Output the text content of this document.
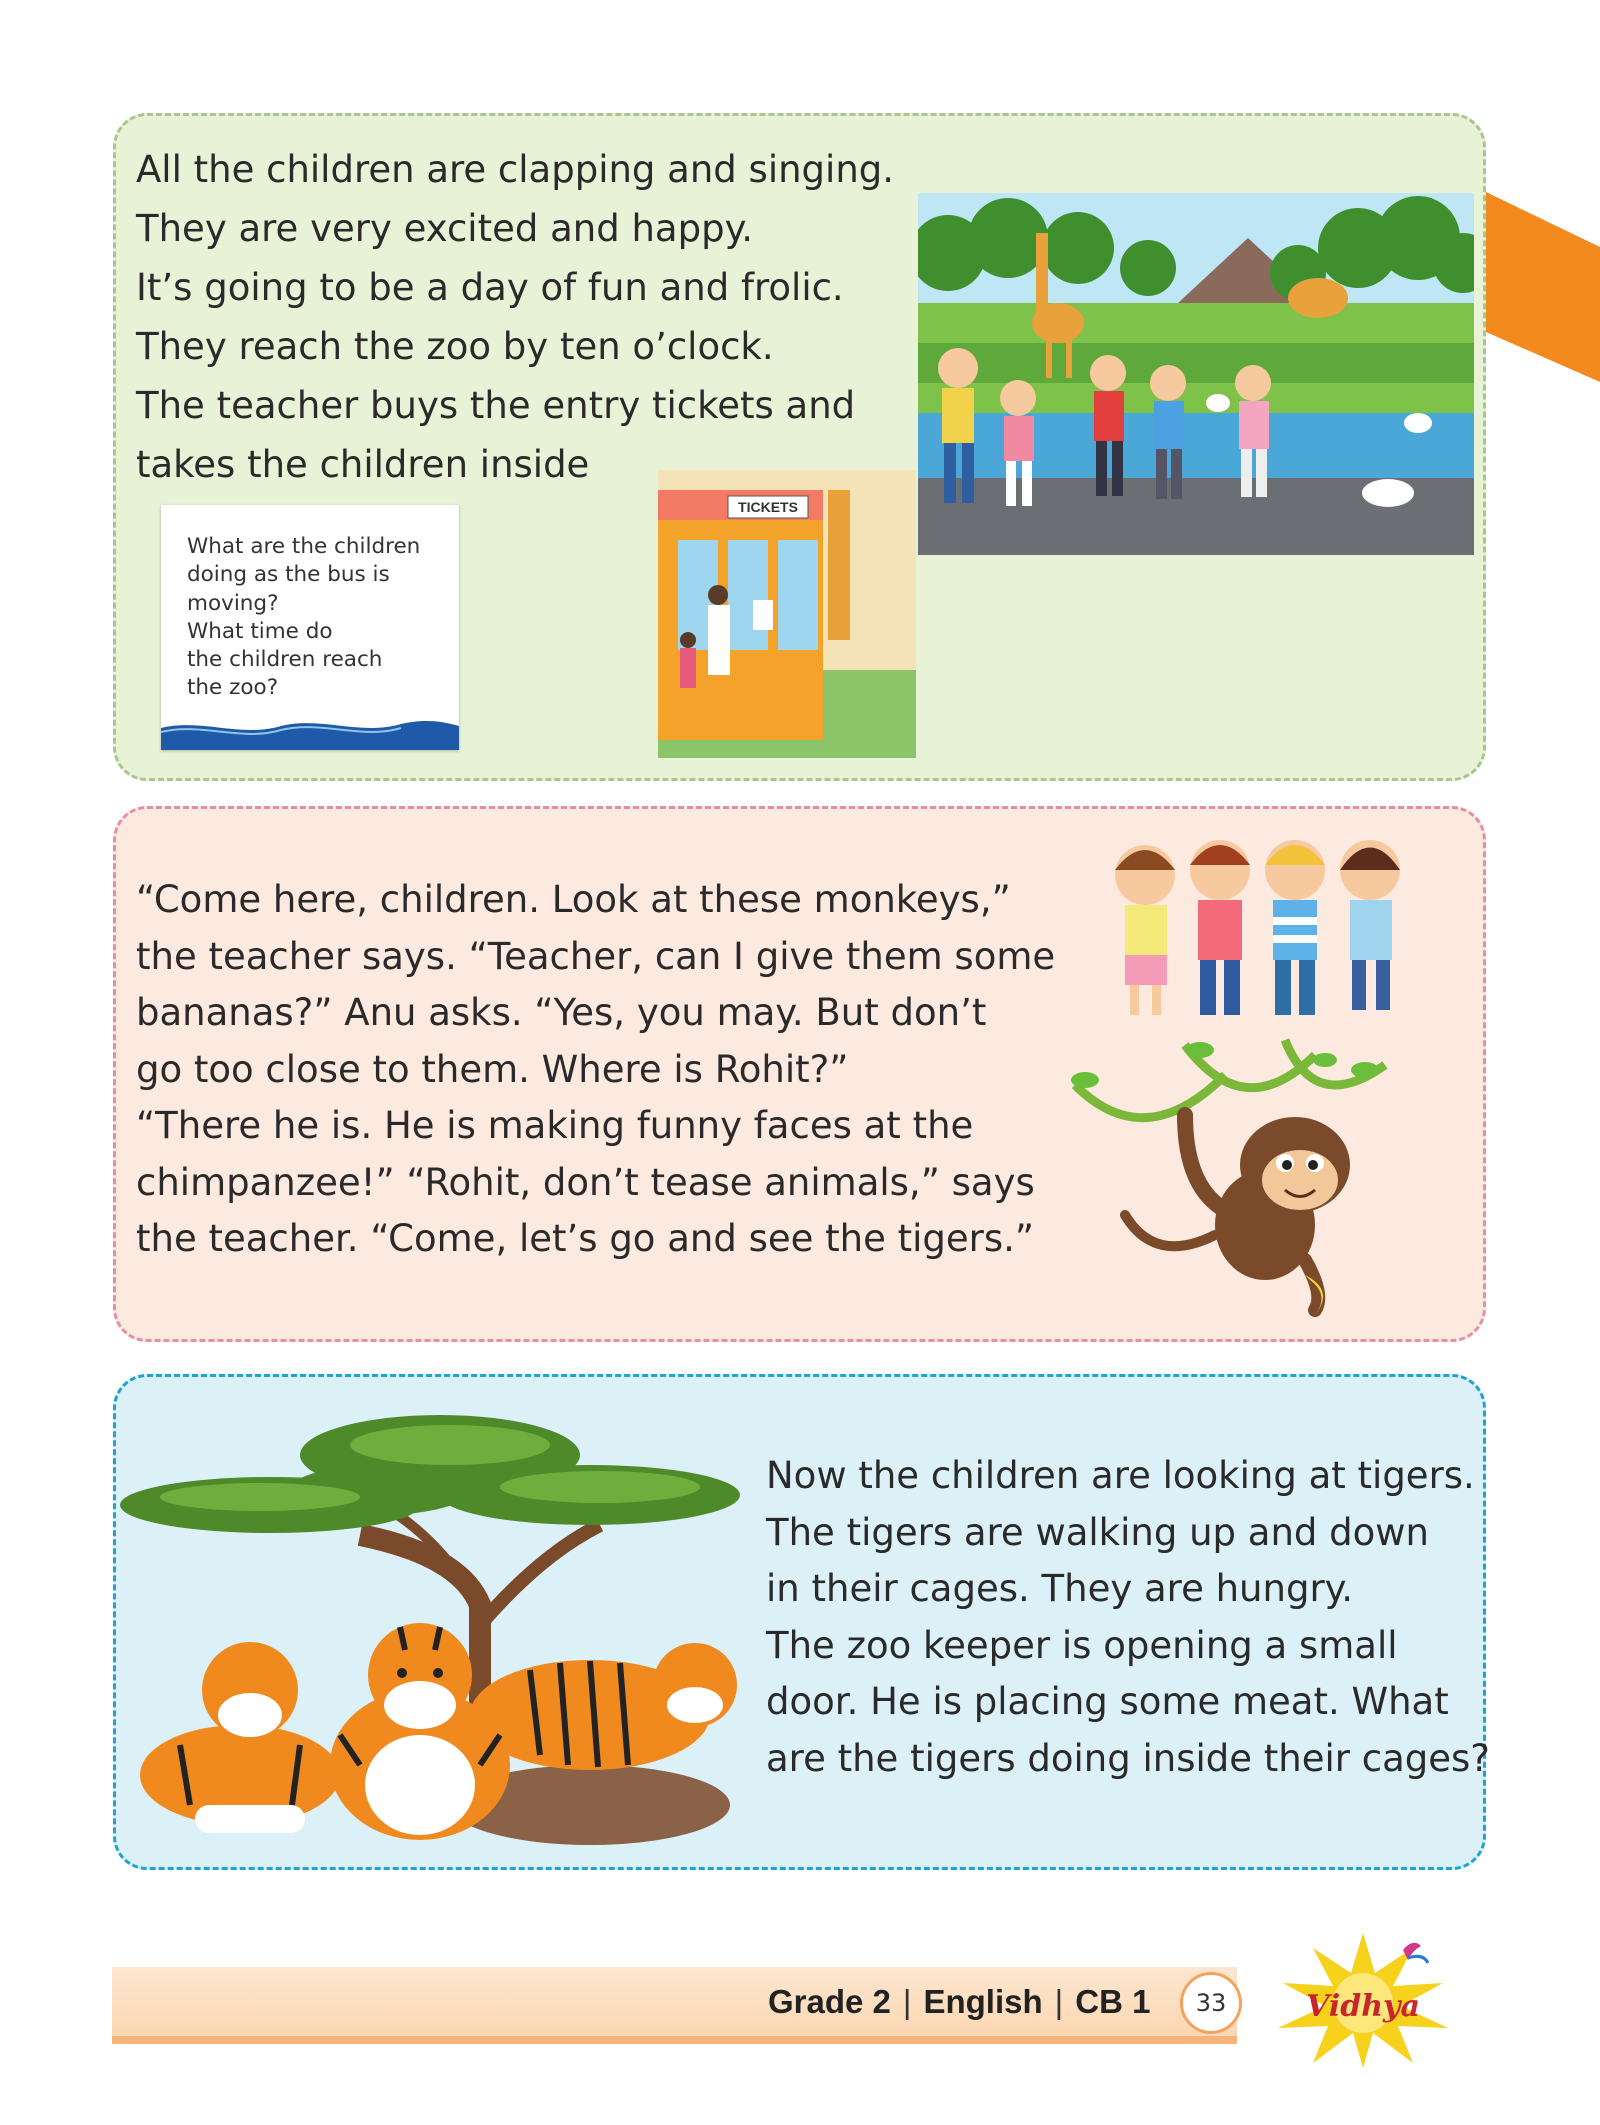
All the children are clapping and singing.
They are very excited and happy.
It’s going to be a day of fun and frolic.
They reach the zoo by ten o’clock.
The teacher buys the entry tickets and
takes the children inside
TICKETS
What are the children
doing as the bus is
moving?
What time do
the children reach
the zoo?
“Come here, children. Look at these monkeys,”
the teacher says. “Teacher, can I give them some
bananas?” Anu asks. “Yes, you may. But don’t
go too close to them. Where is Rohit?”
“There he is. He is making funny faces at the
chimpanzee!” “Rohit, don’t tease animals,” says
the teacher. “Come, let’s go and see the tigers.”
Now the children are looking at tigers.
The tigers are walking up and down
in their cages. They are hungry.
The zoo keeper is opening a small
door. He is placing some meat. What
are the tigers doing inside their cages?
Grade 2 | English | CB 1	33	Vidhya
